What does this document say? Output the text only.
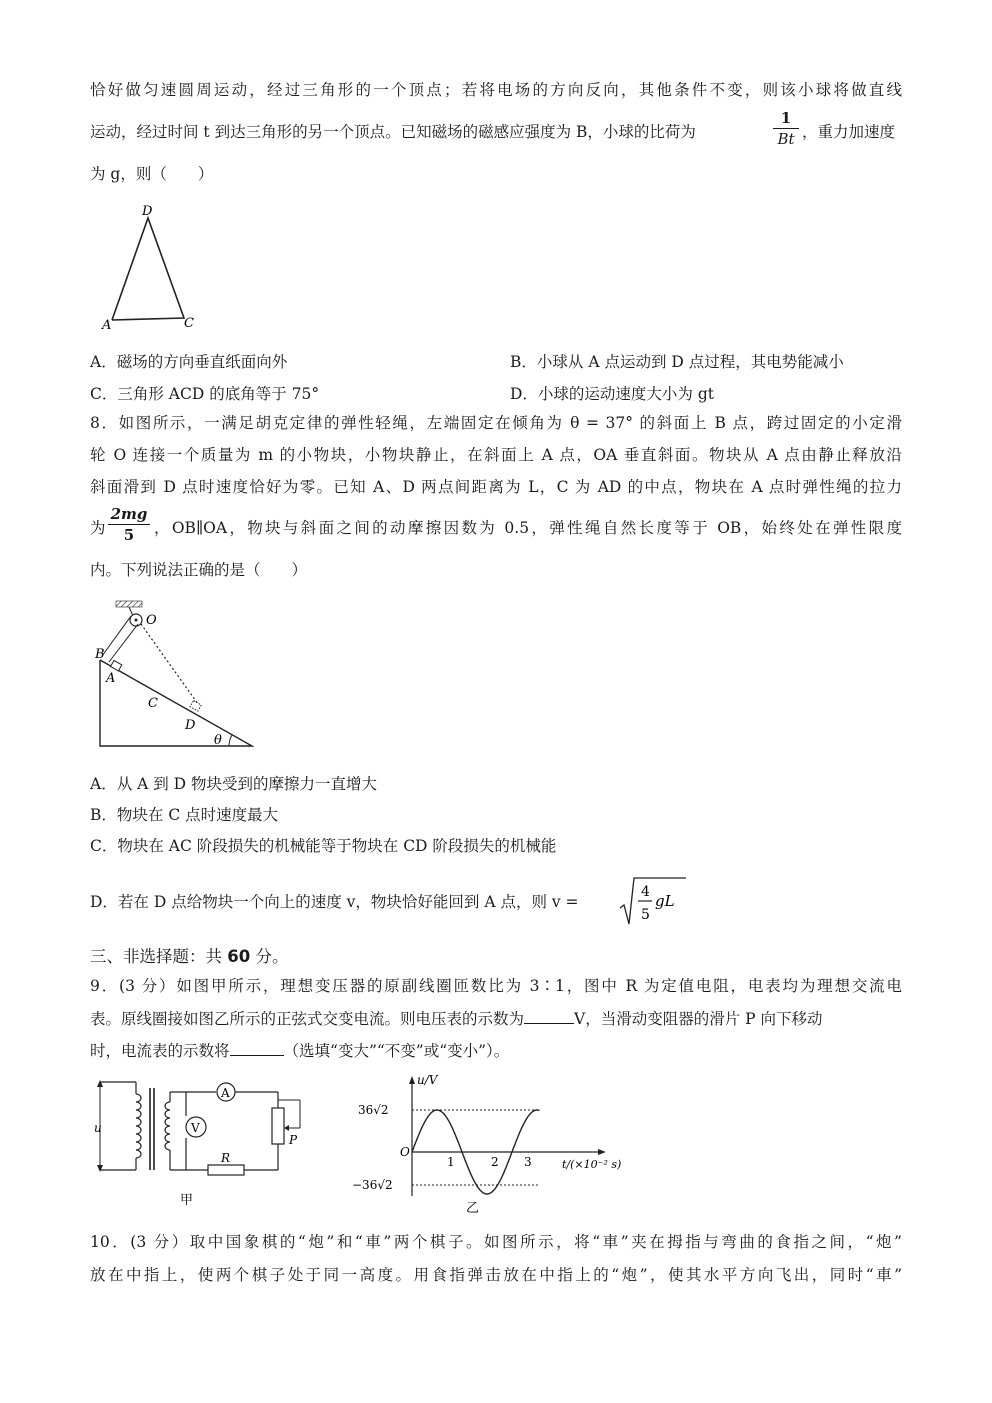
恰好做匀速圆周运动，经过三角形的一个顶点；若将电场的方向反向，其他条件不变，则该小球将做直线
运动，经过时间 t 到达三角形的另一个顶点。已知磁场的磁感应强度为 B，小球的比荷为
1
Bt ，重力加速度
为 g，则（　　）
D
A	C
A．磁场的方向垂直纸面向外	B．小球从 A 点运动到 D 点过程，其电势能减小
C．三角形 ACD 的底角等于 75°	D．小球的运动速度大小为 gt
8．如图所示，一满足胡克定律的弹性轻绳，左端固定在倾角为 θ = 37° 的斜面上 B 点，跨过固定的小定滑
轮 O 连接一个质量为 m 的小物块，小物块静止，在斜面上 A 点，OA 垂直斜面。物块从 A 点由静止释放沿
斜面滑到 D 点时速度恰好为零。已知 A、D 两点间距离为 L，C 为 AD 的中点，物块在 A 点时弹性绳的拉力
为
2mg
5	，OB∥OA，物块与斜面之间的动摩擦因数为 0.5，弹性绳自然长度等于 OB，始终处在弹性限度
内。下列说法正确的是（　　）
O
B
A
C
D
θ
A．从 A 到 D 物块受到的摩擦力一直增大
B．物块在 C 点时速度最大
C．物块在 AC 阶段损失的机械能等于物块在 CD 阶段损失的机械能
D．若在 D 点给物块一个向上的速度 v，物块恰好能回到 A 点，则 v =
4
5
gL
三、非选择题：共 60 分。
9．(3 分）如图甲所示，理想变压器的原副线圈匝数比为 3∶1，图中 R 为定值电阻，电表均为理想交流电
表。原线圈接如图乙所示的正弦式交变电流。则电压表的示数为	V，当滑动变阻器的滑片 P 向下移动
时，电流表的示数将	（选填“变大”“不变”或“变小”）。
u	V
A
P
R
甲
u/V
t/(×10⁻² s)
O
36√2
−36√2
1	2 3
乙
10．(3 分）取中国象棋的“炮”和“車”两个棋子。如图所示，将“車”夹在拇指与弯曲的食指之间，“炮”
放在中指上，使两个棋子处于同一高度。用食指弹击放在中指上的“炮”，使其水平方向飞出，同时“車”
